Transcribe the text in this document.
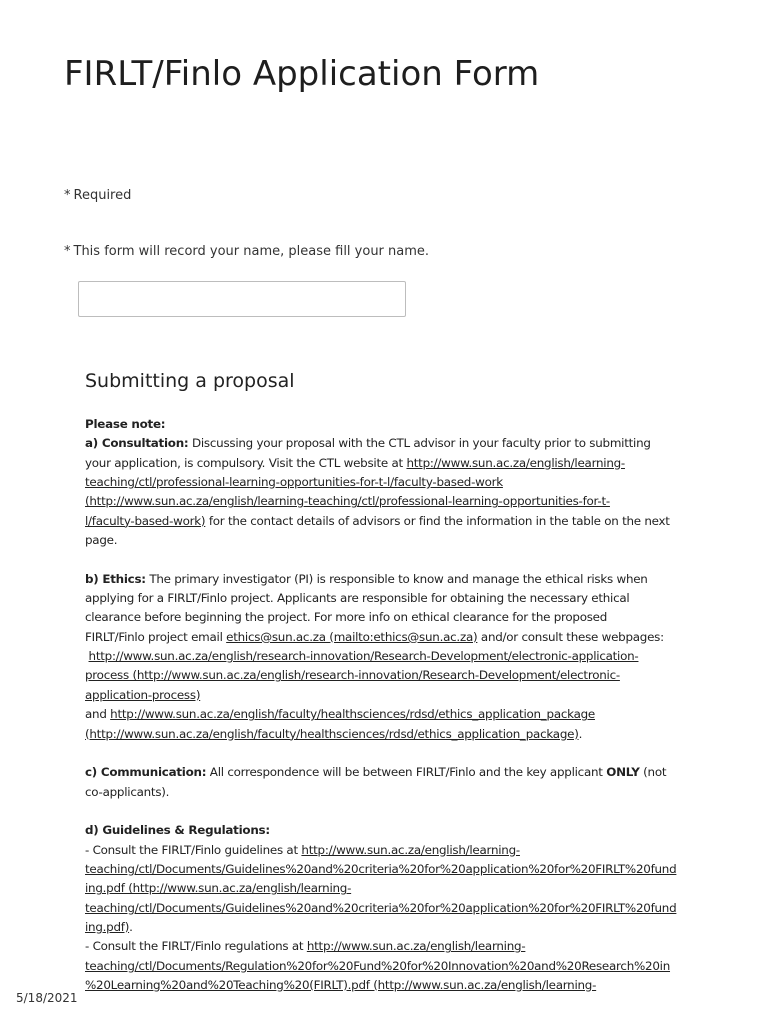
FIRLT/Finlo Application Form
* Required
* This form will record your name, please fill your name.
Submitting a proposal
Please note:
a) Consultation: Discussing your proposal with the CTL advisor in your faculty prior to submitting
your application, is compulsory. Visit the CTL website at http://www.sun.ac.za/english/learning-
teaching/ctl/professional-learning-opportunities-for-t-l/faculty-based-work
(http://www.sun.ac.za/english/learning-teaching/ctl/professional-learning-opportunities-for-t-
l/faculty-based-work) for the contact details of advisors or find the information in the table on the next
page.
b) Ethics: The primary investigator (PI) is responsible to know and manage the ethical risks when
applying for a FIRLT/Finlo project. Applicants are responsible for obtaining the necessary ethical
clearance before beginning the project. For more info on ethical clearance for the proposed
FIRLT/Finlo project email ethics@sun.ac.za (mailto:ethics@sun.ac.za) and/or consult these webpages:
http://www.sun.ac.za/english/research-innovation/Research-Development/electronic-application-
process (http://www.sun.ac.za/english/research-innovation/Research-Development/electronic-
application-process)
and http://www.sun.ac.za/english/faculty/healthsciences/rdsd/ethics_application_package
(http://www.sun.ac.za/english/faculty/healthsciences/rdsd/ethics_application_package).
c) Communication: All correspondence will be between FIRLT/Finlo and the key applicant ONLY (not
co-applicants).
d) Guidelines & Regulations:
- Consult the FIRLT/Finlo guidelines at http://www.sun.ac.za/english/learning-
teaching/ctl/Documents/Guidelines%20and%20criteria%20for%20application%20for%20FIRLT%20fund
ing.pdf (http://www.sun.ac.za/english/learning-
teaching/ctl/Documents/Guidelines%20and%20criteria%20for%20application%20for%20FIRLT%20fund
ing.pdf).
- Consult the FIRLT/Finlo regulations at http://www.sun.ac.za/english/learning-
teaching/ctl/Documents/Regulation%20for%20Fund%20for%20Innovation%20and%20Research%20in
%20Learning%20and%20Teaching%20(FIRLT).pdf (http://www.sun.ac.za/english/learning-
5/18/2021
